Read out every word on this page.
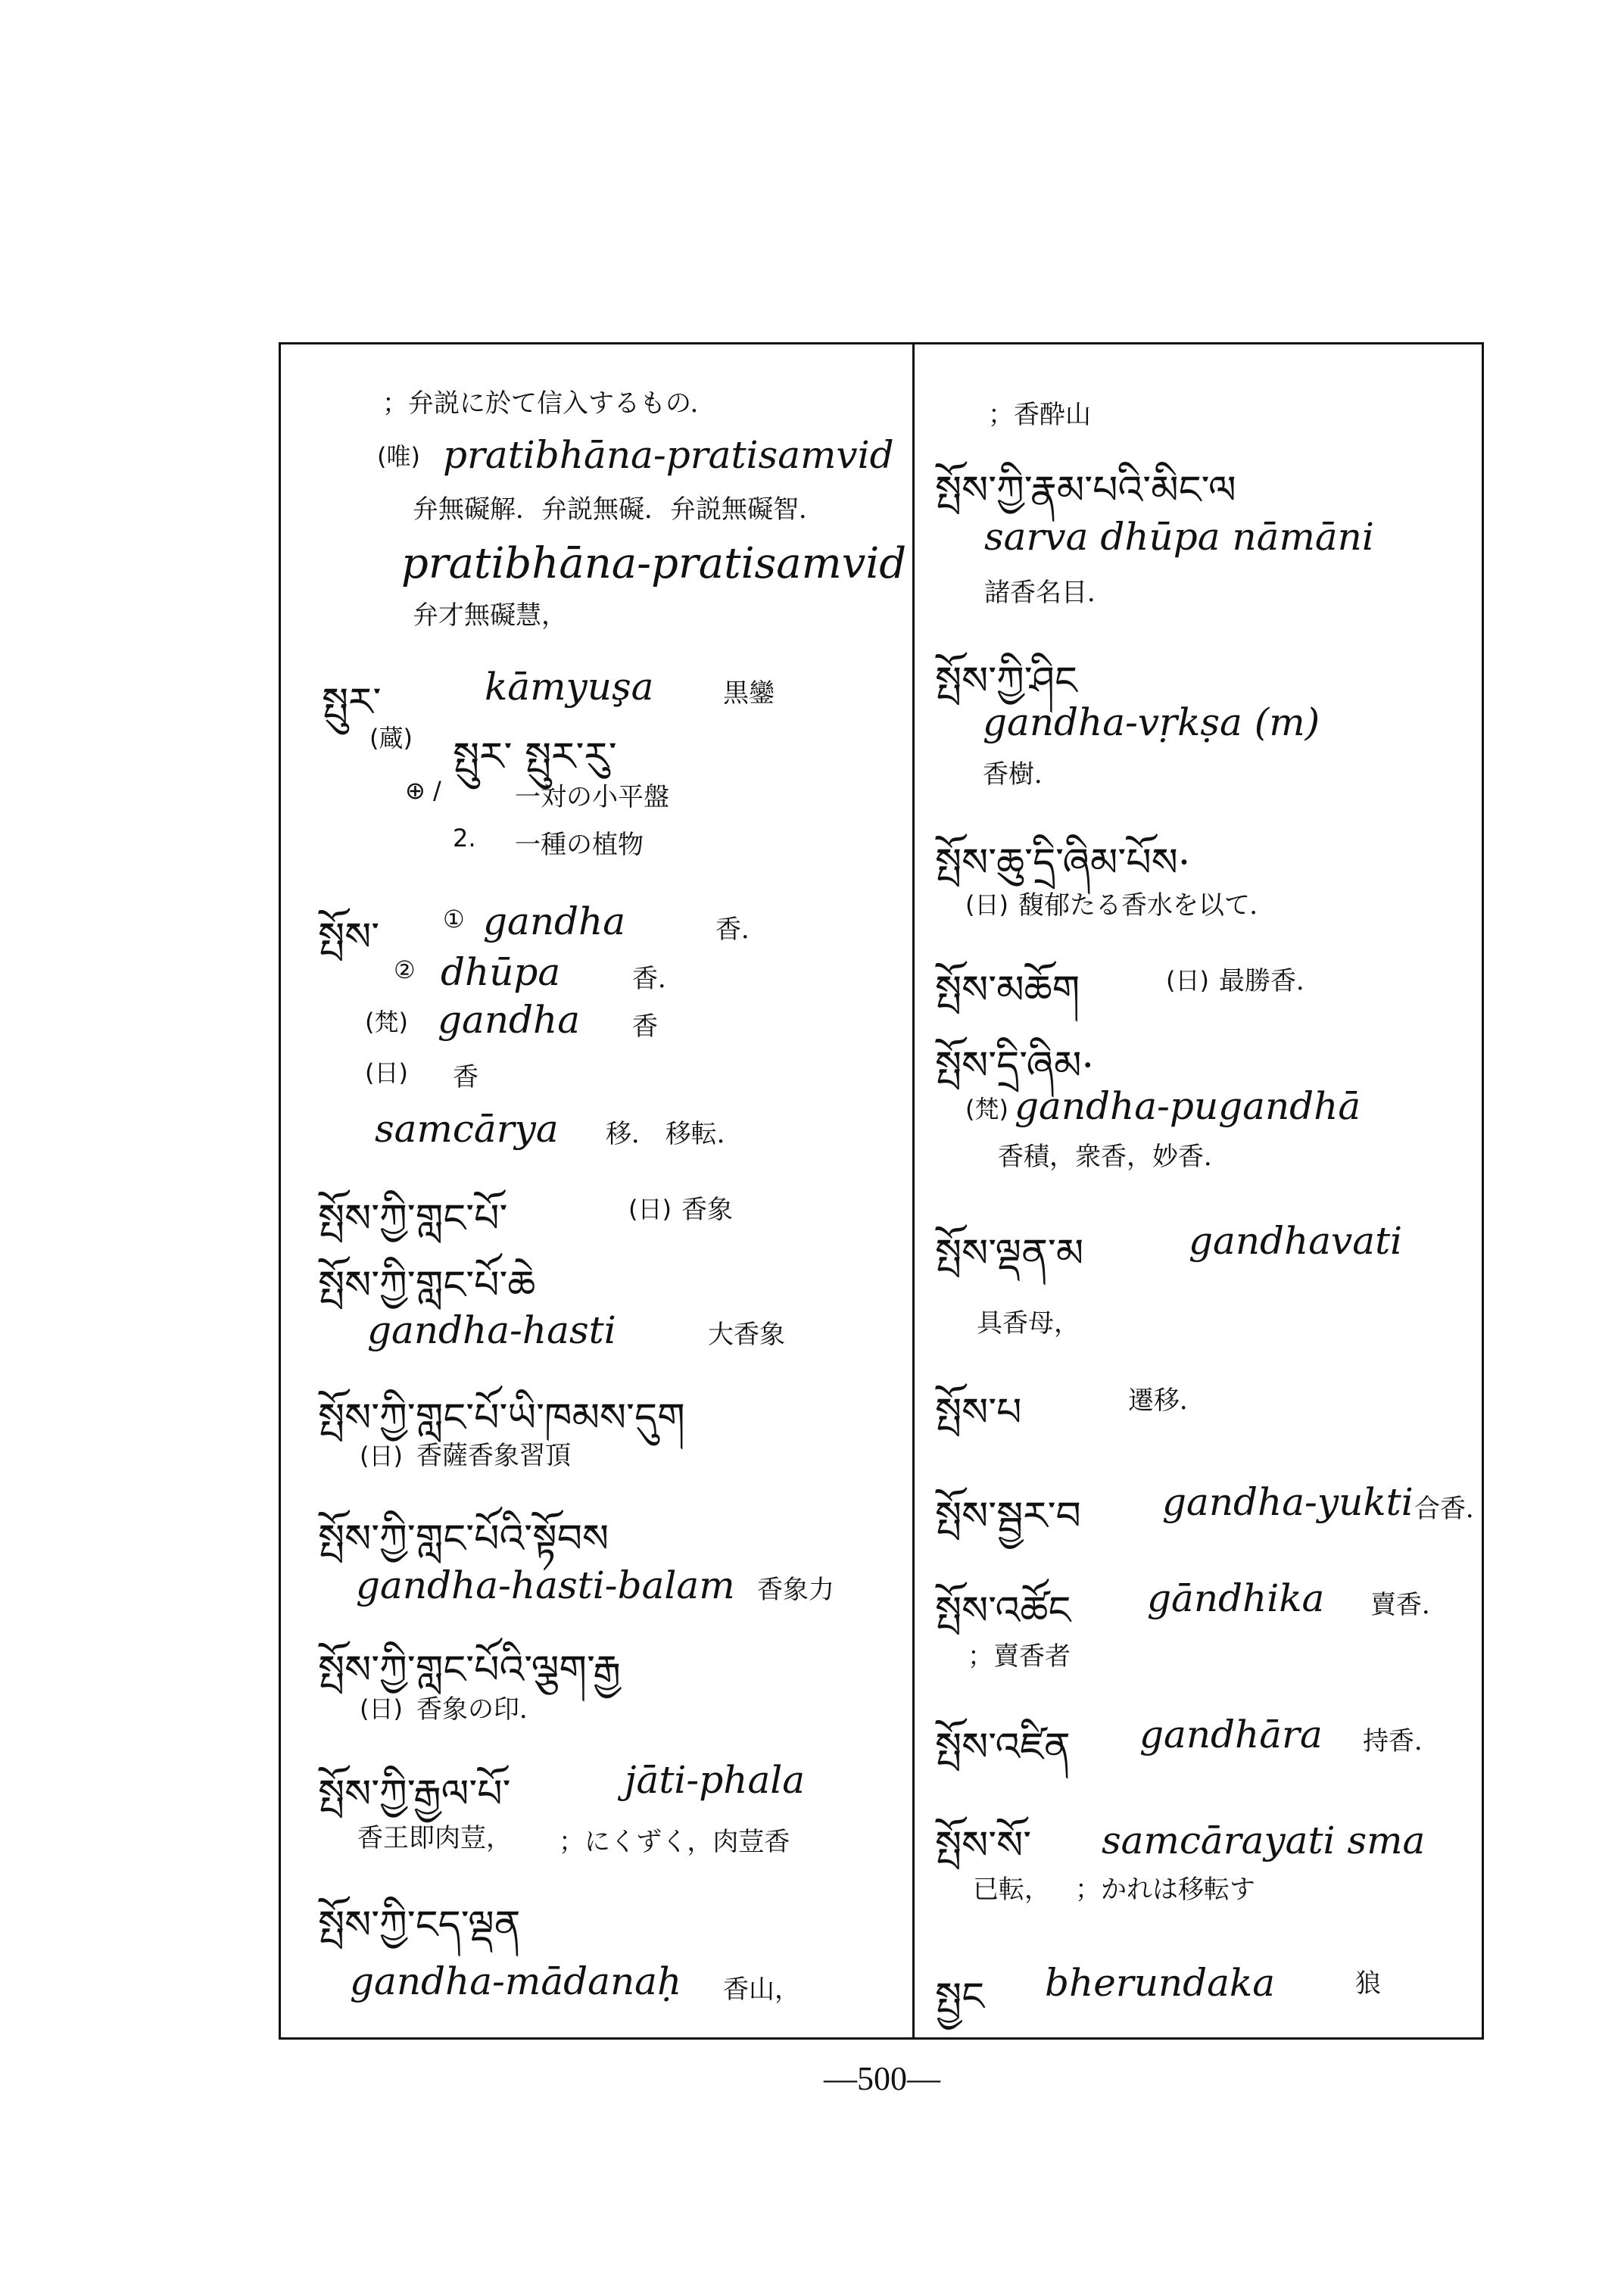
；弁説に於て信入するもの．
(唯) pratibhāna-pratisamvid
弁無礙解．弁説無礙．弁説無礙智．
pratibhāna-pratisamvid
弁才無礙慧，
སྤུར་	kāmyuşa	黒鑾
(蔵) སྤུར་ སྤུར་རུ་
⊕ /	一対の小平盤
2. 一種の植物
སྤོས་	① gandha	香．
② dhūpa	香．
(梵) gandha 香
(日) 香
samcārya 移． 移転．
སྤོས་ཀྱི་གླང་པོ་	(日) 香象
སྤོས་ཀྱི་གླང་པོ་ཆེ
gandha-hasti	大香象
སྤོས་ཀྱི་གླང་པོ་ཡི་ཁམས་དུག
(日) 香薩香象習頂
སྤོས་ཀྱི་གླང་པོའི་སྟོབས
gandha-hasti-balam 香象力
སྤོས་ཀྱི་གླང་པོའི་ལྕག་རྒྱ
(日) 香象の印．
སྤོས་ཀྱི་རྒྱལ་པོ་	jāti-phala
香王即肉荳， ；にくずく，肉荳香
སྤོས་ཀྱི་ངད་ལྡན
gandha-mādanaḥ 香山，
；香酔山
སྤོས་ཀྱི་རྣམ་པའི་མིང་ལ
sarva dhūpa nāmāni
諸香名目．
སྤོས་ཀྱི་ཤིང
gandha-vṛkṣa (m)
香樹．
སྤོས་ཆུ་དྲི་ཞིམ་པོས·
(日) 馥郁たる香水を以て．
སྤོས་མཆོག	(日) 最勝香．
སྤོས་དྲི་ཞིམ·
(梵) gandha-pugandhā
香積，衆香，妙香．
སྤོས་ལྡན་མ	gandhavati
具香母，
སྤོས་པ	遷移．
སྤོས་སྦྱར་བ gandha-yukti 合香．
སྤོས་འཚོང gāndhika 賣香．
；賣香者
སྤོས་འཛིན gandhāra 持香．
སྤོས་སོ་ samcārayati sma
已転， ；かれは移転す
སྤྱང bherundaka	狼
—500—
